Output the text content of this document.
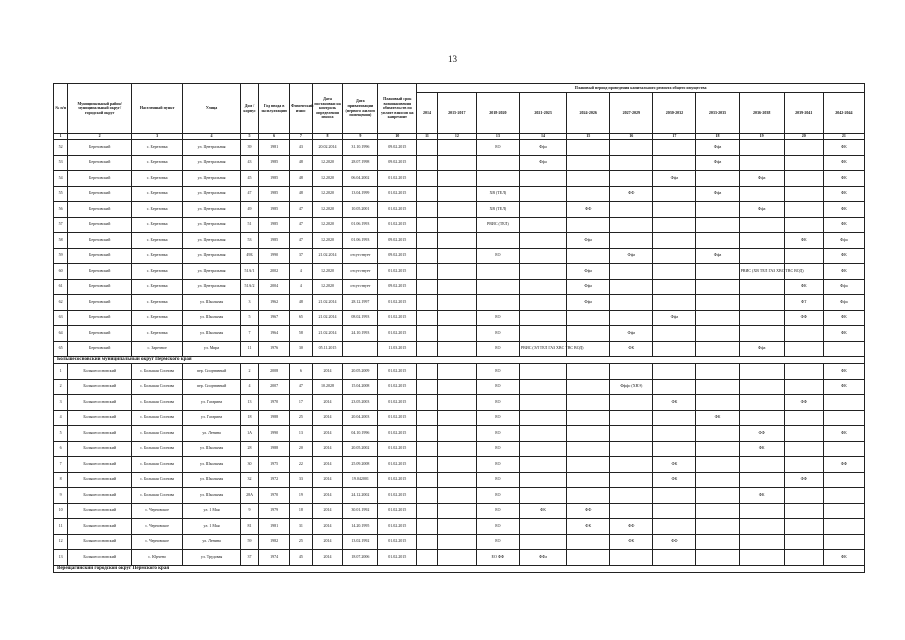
13
№ п/п	Муниципальный район/муниципальный округ/городской округ	Населенный пункт	Улица	Дом / корпус	Год ввода в эксплуатацию	Физический износ	Дата постановки на контроль определения износа	Дата приватизации (первого жилого помещения)	Плановый срок возникновения обязательств по уплате взносов на капремонт	Плановый период проведения капитального ремонта общего имущества										
										2014	2015-2017	2018-2020	2021-2023	2024-2026	2027-2029	2030-2032	2033-2035	2036-2038	2039-2041	2042-2044
1	2	3	4	5	6	7	8	9	10	11	12	13	14	15	16	17	18	19	20	21
52	Березовский	с. Березовка	ул. Центральная	39	1981	43	20.02.2014	31.10.1996	09.02.2015			ЕО	Ффа				Ффа			ФК
53	Березовский	с. Березовка	ул. Центральная	43	1985	48	12.2020	28.07.1998	09.02.2015				Ффа				Ффа			ФК
54	Березовский	с. Березовка	ул. Центральная	45	1985	48	12.2020	06.04.2002	01.02.2015							Ффа		Ффа		ФК
55	Березовский	с. Березовка	ул. Центральная	47	1985	48	12.2020	13.04.1999	01.02.2015			ХВ (ТЕЛ)			ФФ		Ффа			ФК
56	Березовский	с. Березовка	ул. Центральная	49	1985	47	12.2020	10.05.2001	01.02.2015			ХВ (ТЕЛ)		ФФ				Ффа		ФК
57	Березовский	с. Березовка	ул. Центральная	51	1985	47	12.2020	01.06.1993	01.02.2015			РВИС (ТЕЛ)								ФК
58	Березовский	с. Березовка	ул. Центральная	53	1985	47	12.2020	01.06.1993	09.02.2015					Ффа					ФК	Ффа
59	Березовский	с. Березовка	ул. Центральная	49Б	1990	37	21.02.2014	отсутствует	09.02.2015			ЕО			Ффа		Ффа			ФК
60	Березовский	с. Березовка	ул. Центральная	51А/1	2002	4	12.2020	отсутствует	01.02.2015					Ффа				РВИС (ХВ ТЕЛ ГАЗ ХВС ТВС ВОД)		ФК
61	Березовский	с. Березовка	ул. Центральная	51А/2	2004	4	12.2020	отсутствует	09.02.2015					Ффа					ФК	Ффа
62	Березовский	с. Березовка	ул. Школьная	3	1962	48	21.02.2014	28.12.1997	01.02.2015					Ффа					ФТ	Ффа
63	Березовский	с. Березовка	ул. Школьная	5	1967	65	21.02.2014	08.02.1993	01.02.2015			ЕО				Ффа			ФФ	ФК
64	Березовский	с. Березовка	ул. Школьная	7	1964	58	21.02.2014	24.10.1993	01.02.2015			ЕО			Ффа					ФК
65	Березовский	с. Заречное	ул. Мира	11	1976	30	05.11.2015		11.03.2015			ЕО	РВИС (ЭЛ ТЕЛ ГАЗ ХВС ТВС ВОД)		ФК			Ффа		
Большесосновский муниципальный округ Пермского края																				
1	Большесосновский	с. Большая Соснова	пер. Спортивный	2	2008	6	2014	20.05.2009	01.02.2015			ЕО								ФК
2	Большесосновский	с. Большая Соснова	пер. Спортивный	4	2007	47	10.2028	15.04.2008	01.02.2015			ЕО			Фффс (ХВЭ)					ФК
3	Большесосновский	с. Большая Соснова	ул. Гагарина	13	1970	17	2014	23.05.2003	01.02.2015			ЕО				ФК			ФФ	
4	Большесосновский	с. Большая Соснова	ул. Гагарина	18	1988	25	2014	20.04.2003	01.02.2015			ЕО					ФК			
5	Большесосновский	с. Большая Соснова	ул. Ленина	1А	1990	13	2014	04.10.1996	01.02.2015			ЕО						ФФ		ФК
6	Большесосновский	с. Большая Соснова	ул. Школьная	28	1988	20	2014	20.05.2002	01.02.2015			ЕО						ФК		
7	Большесосновский	с. Большая Соснова	ул. Школьная	30	1975	22	2014	25.09.2008	01.02.2015			ЕО				ФК				ФФ
8	Большесосновский	с. Большая Соснова	ул. Школьная	32	1972	33	2014	19.042001	01.02.2015			ЕО				ФК			ФФ	
9	Большесосновский	с. Большая Соснова	ул. Школьная	28А	1970	19	2014	24.12.2002	01.02.2015			ЕО						ФК		
10	Большесосновский	с. Черновское	ул. 1 Мая	9	1979	18	2014	30.01.1992	01.02.2015			ЕО	ФК	ФФ						
11	Большесосновский	с. Черновское	ул. 1 Мая	81	1981	31	2014	14.20.1995	01.02.2015			ЕО		ФК	ФФ					
12	Большесосновский	с. Черновское	ул. Ленина	59	1982	25	2014	13.02.1992	01.02.2015			ЕО			ФК	ФФ				
13	Большесосновский	с. Юрчено	ул. Трудовая	37	1974	45	2014	18.07.2006	01.02.2015			ЕО ФФ	ФФа							ФК
Верещагинский городской округ Пермского края																				
